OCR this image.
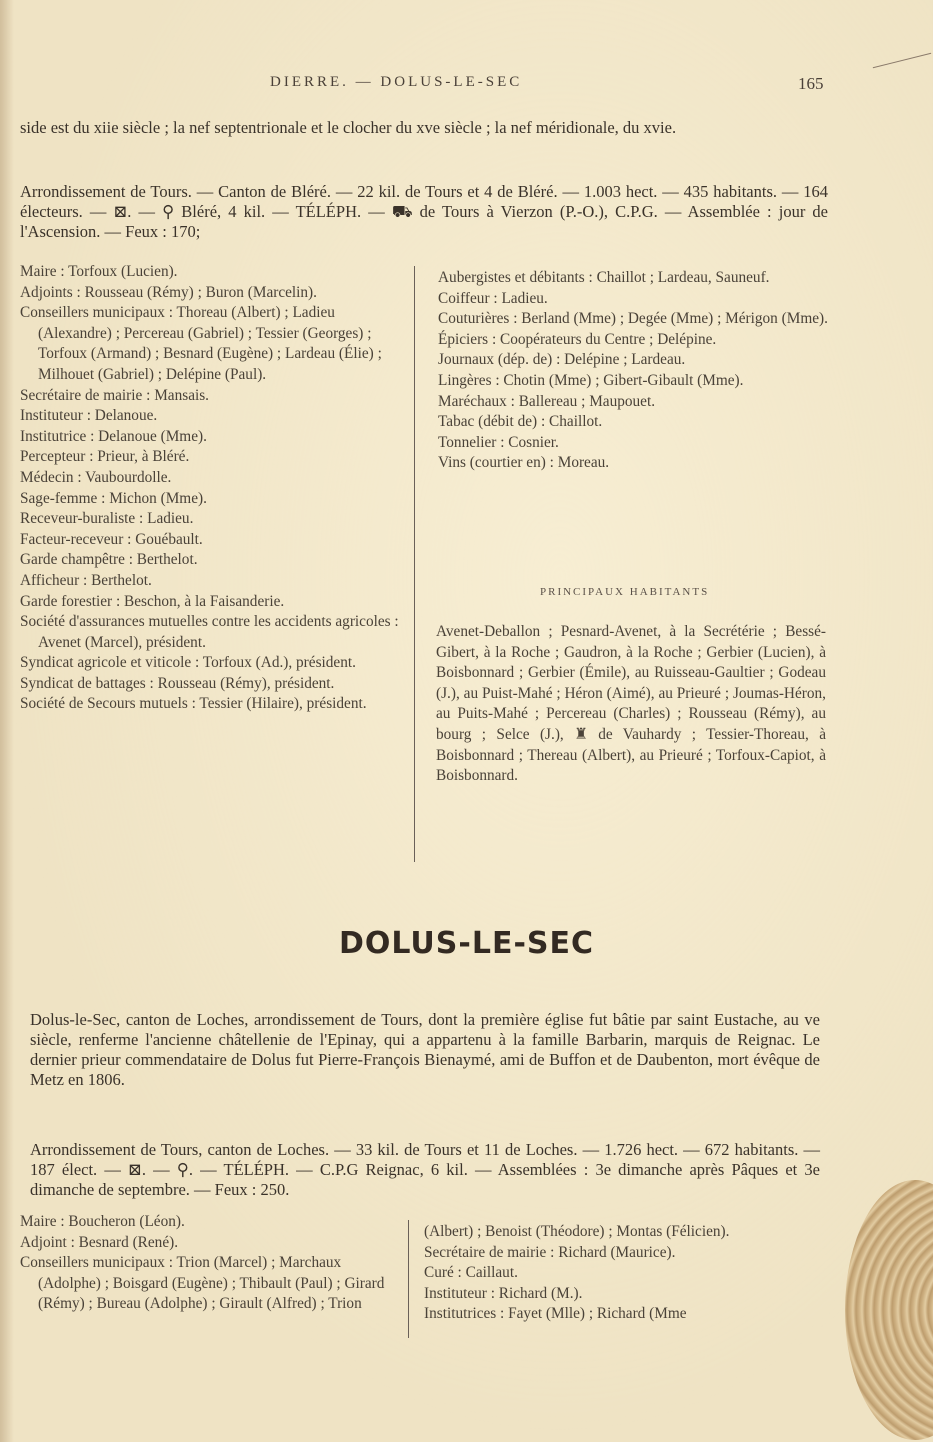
DIERRE. — DOLUS-LE-SEC	165

side est du xiie siècle ; la nef septentrionale et le clocher du xve siècle ; la nef méridionale, du xvie.

Arrondissement de Tours. — Canton de Bléré. — 22 kil. de Tours et 4 de Bléré. — 1.003 hect. — 435 habitants. — 164 électeurs. — ⊠. — ⚲ Bléré, 4 kil. — TÉLÉPH. — ⛟ de Tours à Vierzon (P.-O.), C.P.G. — Assemblée : jour de l'Ascension. — Feux : 170;

Maire : Torfoux (Lucien).
Adjoints : Rousseau (Rémy) ; Buron (Marcelin).
Conseillers municipaux : Thoreau (Albert) ; Ladieu (Alexandre) ; Percereau (Gabriel) ; Tessier (Georges) ; Torfoux (Armand) ; Besnard (Eugène) ; Lardeau (Élie) ; Milhouet (Gabriel) ; Delépine (Paul).
Secrétaire de mairie : Mansais.
Instituteur : Delanoue.
Institutrice : Delanoue (Mme).
Percepteur : Prieur, à Bléré.
Médecin : Vaubourdolle.
Sage-femme : Michon (Mme).
Receveur-buraliste : Ladieu.
Facteur-receveur : Gouébault.
Garde champêtre : Berthelot.
Afficheur : Berthelot.
Garde forestier : Beschon, à la Faisanderie.
Société d'assurances mutuelles contre les accidents agricoles : Avenet (Marcel), président.
Syndicat agricole et viticole : Torfoux (Ad.), président.
Syndicat de battages : Rousseau (Rémy), président.
Société de Secours mutuels : Tessier (Hilaire), président.
Aubergistes et débitants : Chaillot ; Lardeau, Sauneuf.
Coiffeur : Ladieu.
Couturières : Berland (Mme) ; Degée (Mme) ; Mérigon (Mme).
Épiciers : Coopérateurs du Centre ; Delépine.
Journaux (dép. de) : Delépine ; Lardeau.
Lingères : Chotin (Mme) ; Gibert-Gibault (Mme).
Maréchaux : Ballereau ; Maupouet.
Tabac (débit de) : Chaillot.
Tonnelier : Cosnier.
Vins (courtier en) : Moreau.
PRINCIPAUX HABITANTS
Avenet-Deballon ; Pesnard-Avenet, à la Secrétérie ; Bessé-Gibert, à la Roche ; Gaudron, à la Roche ; Gerbier (Lucien), à Boisbonnard ; Gerbier (Émile), au Ruisseau-Gaultier ; Godeau (J.), au Puist-Mahé ; Héron (Aimé), au Prieuré ; Joumas-Héron, au Puits-Mahé ; Percereau (Charles) ; Rousseau (Rémy), au bourg ; Selce (J.), ♜ de Vauhardy ; Tessier-Thoreau, à Boisbonnard ; Thereau (Albert), au Prieuré ; Torfoux-Capiot, à Boisbonnard.
DOLUS-LE-SEC

Dolus-le-Sec, canton de Loches, arrondissement de Tours, dont la première église fut bâtie par saint Eustache, au ve siècle, renferme l'ancienne châtellenie de l'Epinay, qui a appartenu à la famille Barbarin, marquis de Reignac. Le dernier prieur commendataire de Dolus fut Pierre-François Bienaymé, ami de Buffon et de Daubenton, mort évêque de Metz en 1806.

Arrondissement de Tours, canton de Loches. — 33 kil. de Tours et 11 de Loches. — 1.726 hect. — 672 habitants. — 187 élect. — ⊠. — ⚲. — TÉLÉPH. — C.P.G Reignac, 6 kil. — Assemblées : 3e dimanche après Pâques et 3e dimanche de septembre. — Feux : 250.

Maire : Boucheron (Léon).
Adjoint : Besnard (René).
Conseillers municipaux : Trion (Marcel) ; Marchaux (Adolphe) ; Boisgard (Eugène) ; Thibault (Paul) ; Girard (Rémy) ; Bureau (Adolphe) ; Girault (Alfred) ; Trion
(Albert) ; Benoist (Théodore) ; Montas (Félicien).
Secrétaire de mairie : Richard (Maurice).
Curé : Caillaut.
Instituteur : Richard (M.).
Institutrices : Fayet (Mlle) ; Richard (Mme
